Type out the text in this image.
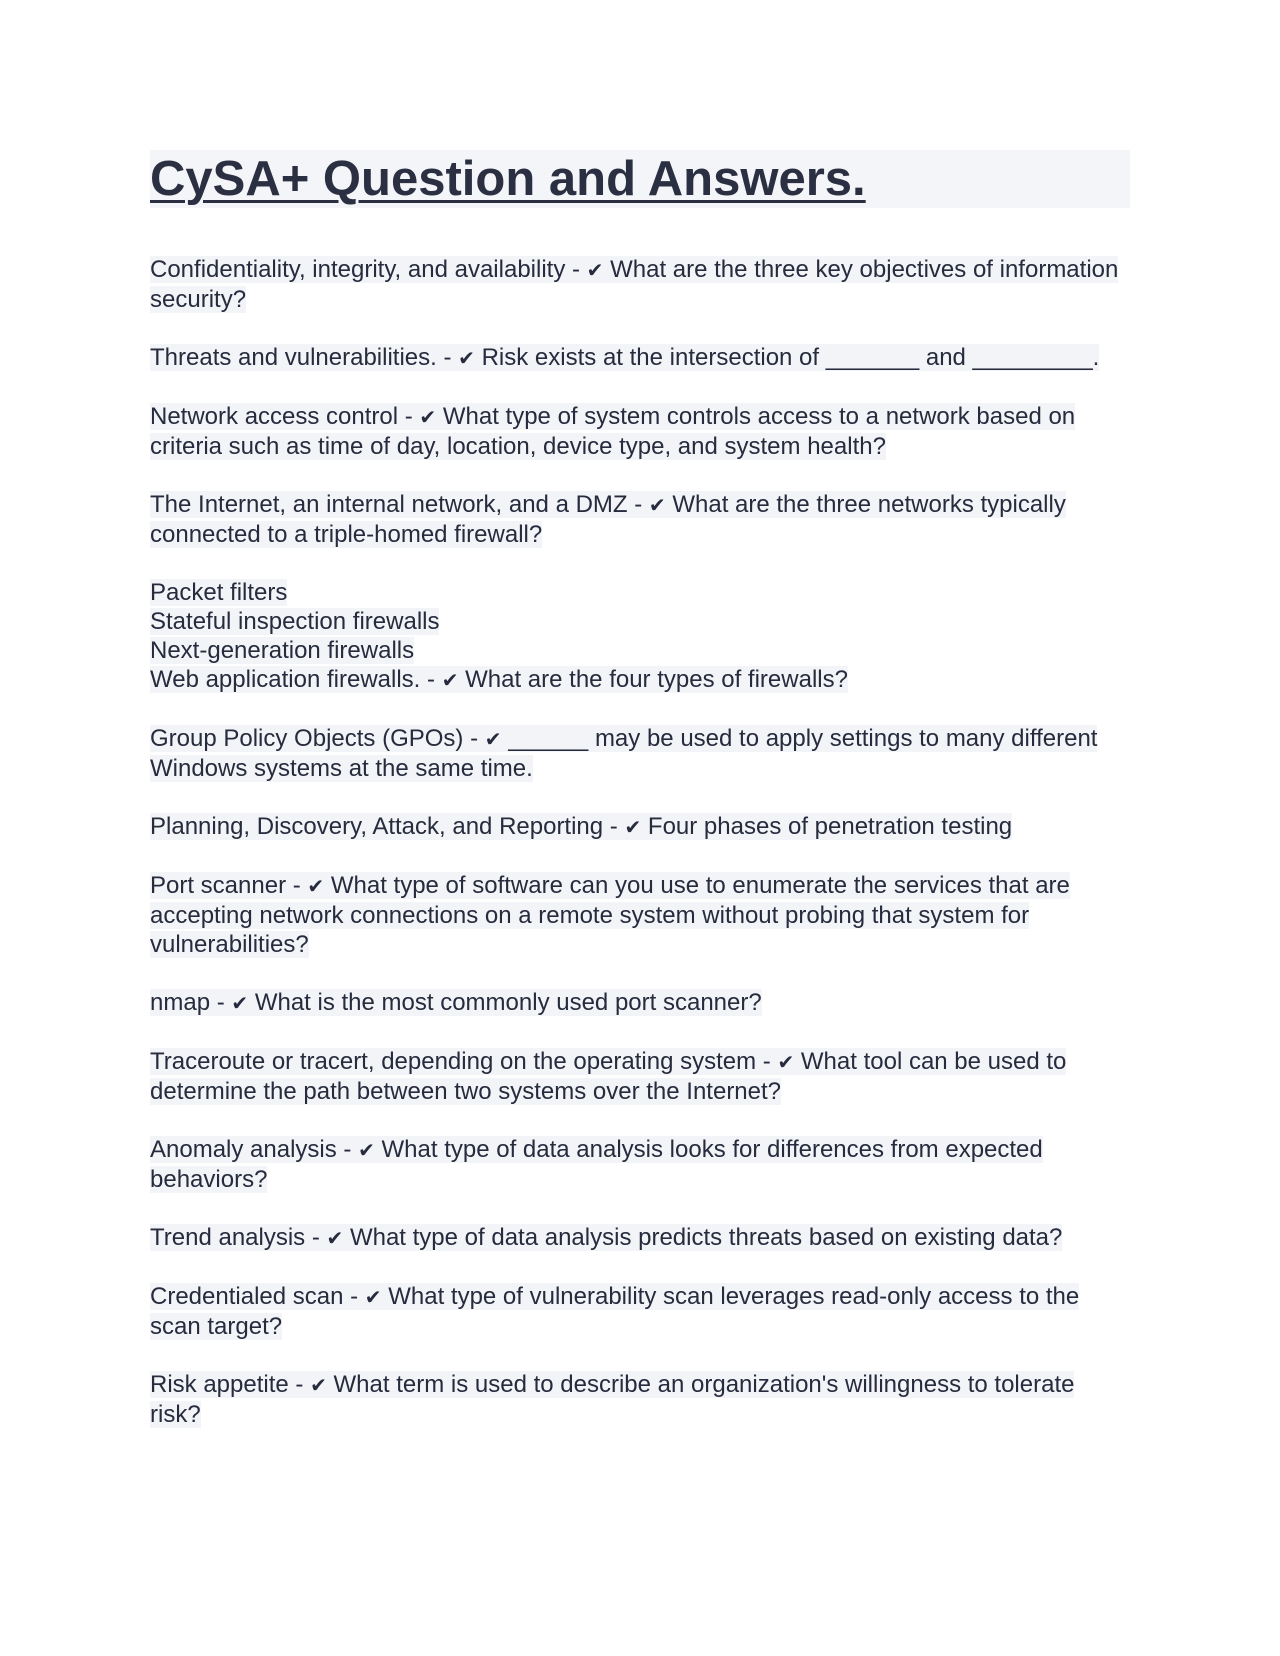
CySA+ Question and Answers.

Confidentiality, integrity, and availability - ✔ What are the three key objectives of information security?

Threats and vulnerabilities. - ✔ Risk exists at the intersection of _______ and _________.

Network access control - ✔ What type of system controls access to a network based on criteria such as time of day, location, device type, and system health?

The Internet, an internal network, and a DMZ - ✔ What are the three networks typically connected to a triple-homed firewall?

Packet filters
Stateful inspection firewalls
Next-generation firewalls
Web application firewalls. - ✔ What are the four types of firewalls?

Group Policy Objects (GPOs) - ✔ ______ may be used to apply settings to many different Windows systems at the same time.

Planning, Discovery, Attack, and Reporting - ✔ Four phases of penetration testing

Port scanner - ✔ What type of software can you use to enumerate the services that are accepting network connections on a remote system without probing that system for vulnerabilities?

nmap - ✔ What is the most commonly used port scanner?

Traceroute or tracert, depending on the operating system - ✔ What tool can be used to determine the path between two systems over the Internet?

Anomaly analysis - ✔ What type of data analysis looks for differences from expected behaviors?

Trend analysis - ✔ What type of data analysis predicts threats based on existing data?

Credentialed scan - ✔ What type of vulnerability scan leverages read-only access to the scan target?

Risk appetite - ✔ What term is used to describe an organization's willingness to tolerate risk?
